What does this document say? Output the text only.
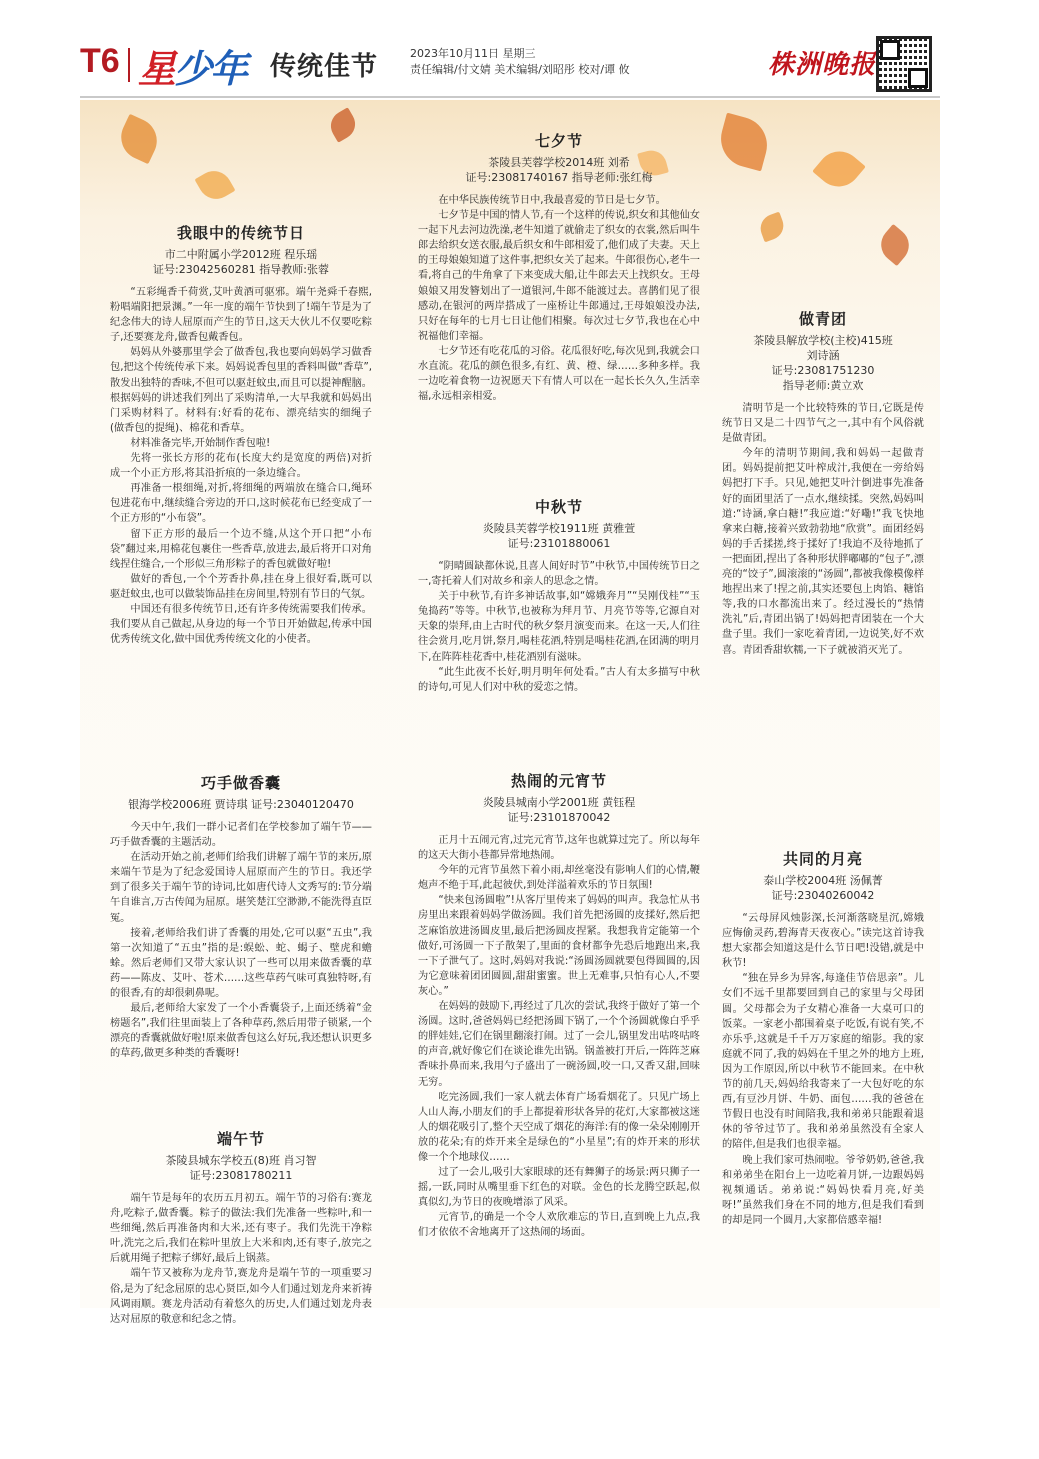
T6 星少年 传统佳节	2023年10月11日 星期三
责任编辑/付文婧 美术编辑/刘昭彤 校对/谭 攸	株洲晚报
我眼中的传统节日
市二中附属小学2012班 程乐瑶
证号:23042560281 指导教师:张蓉

“五彩绳香千荷赏,艾叶黄酒可驱邪。端午尧舜千春熙,粉唱端阳把景渊。”一年一度的端午节快到了!端午节是为了纪念伟大的诗人屈原而产生的节日,这天大伙儿不仅要吃粽子,还要赛龙舟,做香包戴香包。

妈妈从外婆那里学会了做香包,我也要向妈妈学习做香包,把这个传统传承下来。妈妈说香包里的香料叫做“香草”,散发出独特的香味,不但可以驱赶蚊虫,而且可以提神醒脑。根据妈妈的讲述我们列出了采购清单,一大早我就和妈妈出门采购材料了。材料有:好看的花布、漂亮结实的细绳子(做香包的提绳)、棉花和香草。

材料准备完毕,开始制作香包啦!

先将一张长方形的花布(长度大约是宽度的两倍)对折成一个小正方形,将其沿折痕的一条边缝合。

再准备一根细绳,对折,将细绳的两端放在缝合口,绳环包进花布中,继续缝合旁边的开口,这时候花布已经变成了一个正方形的“小布袋”。

留下正方形的最后一个边不缝,从这个开口把“小布袋”翻过来,用棉花包裹住一些香草,放进去,最后将开口对角线捏住缝合,一个形似三角形粽子的香包就做好啦!

做好的香包,一个个芳香扑鼻,挂在身上很好看,既可以驱赶蚊虫,也可以做装饰品挂在房间里,特别有节日的气氛。

中国还有很多传统节日,还有许多传统需要我们传承。我们要从自己做起,从身边的每一个节日开始做起,传承中国优秀传统文化,做中国优秀传统文化的小使者。

巧手做香囊
银海学校2006班 贾诗琪 证号:23040120470

今天中午,我们一群小记者们在学校参加了端午节——巧手做香囊的主题活动。

在活动开始之前,老师们给我们讲解了端午节的来历,原来端午节是为了纪念爱国诗人屈原而产生的节日。我还学到了很多关于端午节的诗词,比如唐代诗人文秀写的:节分端午自谁言,万古传闻为屈原。堪笑楚江空渺渺,不能洗得直臣冤。

接着,老师给我们讲了香囊的用处,它可以驱“五虫”,我第一次知道了“五虫”指的是:蜈蚣、蛇、蝎子、壁虎和蟾蜍。然后老师们又带大家认识了一些可以用来做香囊的草药——陈皮、艾叶、苍术……这些草药气味可真独特呀,有的很香,有的却很刺鼻呢。

最后,老师给大家发了一个小香囊袋子,上面还绣着“金榜题名”,我们往里面装上了各种草药,然后用带子锁紧,一个漂亮的香囊就做好啦!原来做香包这么好玩,我还想认识更多的草药,做更多种类的香囊呀!

端午节
茶陵县城东学校五(8)班 肖习智
证号:23081780211

端午节是每年的农历五月初五。端午节的习俗有:赛龙舟,吃粽子,做香囊。粽子的做法:我们先准备一些粽叶,和一些细绳,然后再准备肉和大米,还有枣子。我们先洗干净粽叶,洗完之后,我们在粽叶里放上大米和肉,还有枣子,放完之后就用绳子把粽子绑好,最后上锅蒸。

端午节又被称为龙舟节,赛龙舟是端午节的一项重要习俗,是为了纪念屈原的忠心贤臣,如今人们通过划龙舟来祈祷风调雨顺。赛龙舟活动有着悠久的历史,人们通过划龙舟表达对屈原的敬意和纪念之情。

七夕节
茶陵县芙蓉学校2014班 刘希
证号:23081740167 指导老师:张红梅

在中华民族传统节日中,我最喜爱的节日是七夕节。

七夕节是中国的情人节,有一个这样的传说,织女和其他仙女一起下凡去河边洗澡,老牛知道了就偷走了织女的衣裳,然后叫牛郎去给织女送衣服,最后织女和牛郎相爱了,他们成了夫妻。天上的王母娘娘知道了这件事,把织女关了起来。牛郎很伤心,老牛一看,将自己的牛角拿了下来变成大船,让牛郎去天上找织女。王母娘娘又用发簪划出了一道银河,牛郎不能渡过去。喜鹊们见了很感动,在银河的两岸搭成了一座桥让牛郎通过,王母娘娘没办法,只好在每年的七月七日让他们相聚。每次过七夕节,我也在心中祝福他们幸福。

七夕节还有吃花瓜的习俗。花瓜很好吃,每次见到,我就会口水直流。花瓜的颜色很多,有红、黄、橙、绿……多种多样。我一边吃着食物一边祝愿天下有情人可以在一起长长久久,生活幸福,永远相亲相爱。

中秋节
炎陵县芙蓉学校1911班 黄雅萱
证号:23101880061

“阴晴圆缺都休说,且喜人间好时节”中秋节,中国传统节日之一,寄托着人们对故乡和亲人的思念之情。

关于中秋节,有许多神话故事,如“嫦娥奔月”“吴刚伐桂”“玉兔捣药”等等。中秋节,也被称为拜月节、月亮节等等,它源自对天象的崇拜,由上古时代的秋夕祭月演变而来。在这一天,人们往往会赏月,吃月饼,祭月,喝桂花酒,特别是喝桂花酒,在团满的明月下,在阵阵桂花香中,桂花酒别有滋味。

“此生此夜不长好,明月明年何处看。”古人有太多描写中秋的诗句,可见人们对中秋的爱恋之情。

热闹的元宵节
炎陵县城南小学2001班 黄钰程
证号:23101870042

正月十五闹元宵,过完元宵节,这年也就算过完了。所以每年的这天大街小巷都异常地热闹。

今年的元宵节虽然下着小雨,却丝毫没有影响人们的心情,鞭炮声不绝于耳,此起彼伏,到处洋溢着欢乐的节日氛围!

“快来包汤圆啦”!从客厅里传来了妈妈的叫声。我急忙从书房里出来跟着妈妈学做汤圆。我们首先把汤圆的皮揉好,然后把芝麻馅放进汤圆皮里,最后把汤圆皮捏紧。我想我肯定能第一个做好,可汤圆一下子散架了,里面的食材都争先恐后地跑出来,我一下子泄气了。这时,妈妈对我说:“汤圆汤圆就要包得圆圆的,因为它意味着团团圆圆,甜甜蜜蜜。世上无难事,只怕有心人,不要灰心。”

在妈妈的鼓励下,再经过了几次的尝试,我终于做好了第一个汤圆。这时,爸爸妈妈已经把汤圆下锅了,一个个汤圆就像白乎乎的胖娃娃,它们在锅里翻滚打闹。过了一会儿,锅里发出咕咚咕咚的声音,就好像它们在谈论谁先出锅。锅盖被打开后,一阵阵芝麻香味扑鼻而来,我用勺子盛出了一碗汤圆,咬一口,又香又甜,回味无穷。

吃完汤圆,我们一家人就去体育广场看烟花了。只见广场上人山人海,小朋友们的手上都提着形状各异的花灯,大家都被这迷人的烟花吸引了,整个天空成了烟花的海洋:有的像一朵朵刚刚开放的花朵;有的炸开来全是绿色的“小星星”;有的炸开来的形状像一个个地球仪……

过了一会儿,吸引大家眼球的还有舞狮子的场景:两只狮子一摇,一跃,同时从嘴里垂下红色的对联。金色的长龙腾空跃起,似真似幻,为节日的夜晚增添了风采。

元宵节,的确是一个令人欢欣难忘的节日,直到晚上九点,我们才依依不舍地离开了这热闹的场面。

做青团
茶陵县解放学校(主校)415班
刘诗涵
证号:23081751230
指导老师:黄立欢

清明节是一个比较特殊的节日,它既是传统节日又是二十四节气之一,其中有个风俗就是做青团。

今年的清明节期间,我和妈妈一起做青团。妈妈提前把艾叶榨成汁,我便在一旁给妈妈把打下手。只见,她把艾叶汁倒进事先准备好的面团里活了一点水,继续揉。突然,妈妈叫道:“诗涵,拿白糖!”我应道:“好嘞!”我飞快地拿来白糖,接着兴致勃勃地“欣赏”。面团经妈妈的手舌揉搓,终于揉好了!我迫不及待地抓了一把面团,捏出了各种形状胖嘟嘟的“包子”,漂亮的“饺子”,圆滚滚的“汤圆”,都被我像模像样地捏出来了!捏之前,其实还要包上肉馅、糖馅等,我的口水都流出来了。经过漫长的“热情洗礼”后,青团出锅了!妈妈把青团装在一个大盘子里。我们一家吃着青团,一边说笑,好不欢喜。青团香甜软糯,一下子就被消灭光了。

共同的月亮
泰山学校2004班 汤佩菁
证号:23040260042

“云母屏风烛影深,长河渐落晓星沉,嫦娥应悔偷灵药,碧海青天夜夜心。”读完这首诗我想大家都会知道这是什么节日吧!没错,就是中秋节!

“独在异乡为异客,每逢佳节倍思亲”。儿女们不远千里都要回到自己的家里与父母团圆。父母都会为子女精心准备一大桌可口的饭菜。一家老小都围着桌子吃饭,有说有笑,不亦乐乎,这就是千千万万家庭的缩影。我的家庭就不同了,我的妈妈在千里之外的地方上班,因为工作原因,所以中秋节不能回来。在中秋节的前几天,妈妈给我寄来了一大包好吃的东西,有豆沙月饼、牛奶、面包……我的爸爸在节假日也没有时间陪我,我和弟弟只能跟着退休的爷爷过节了。我和弟弟虽然没有全家人的陪伴,但是我们也很幸福。

晚上我们家可热闹啦。爷爷奶奶,爸爸,我和弟弟坐在阳台上一边吃着月饼,一边跟妈妈视频通话。弟弟说:“妈妈快看月亮,好美呀!”虽然我们身在不同的地方,但是我们看到的却是同一个圆月,大家都倍感幸福!
